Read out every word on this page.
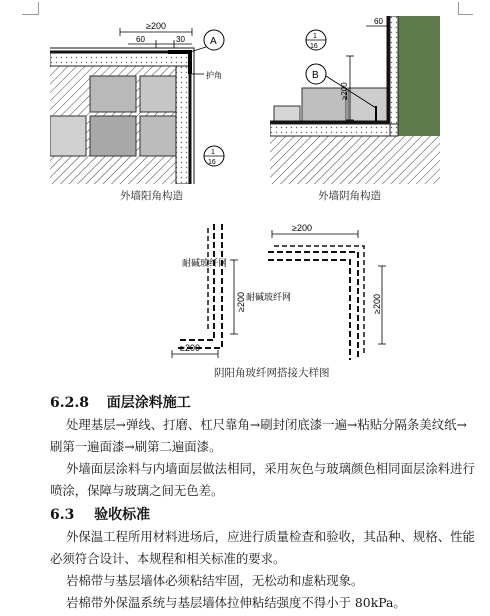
≥200
60	30	A
护角
1
16
外墙阳角构造
60
≥200
1
16
B
外墙阴角构造
≥200
≥200	≥200
≥200
耐碱玻纤网
耐碱玻纤网
阴阳角玻纤网搭接大样图
6.2.8 面层涂料施工
处理基层→弹线、打磨、杠尺靠角→刷封闭底漆一遍→粘贴分隔条美纹纸→
刷第一遍面漆→刷第二遍面漆。
外墙面层涂料与内墙面层做法相同，采用灰色与玻璃颜色相同面层涂料进行
喷涂，保障与玻璃之间无色差。
6.3 验收标准
外保温工程所用材料进场后，应进行质量检查和验收，其品种、规格、性能
必须符合设计、本规程和相关标准的要求。
岩棉带与基层墙体必须粘结牢固，无松动和虚粘现象。
岩棉带外保温系统与基层墙体拉伸粘结强度不得小于 80kPa。
